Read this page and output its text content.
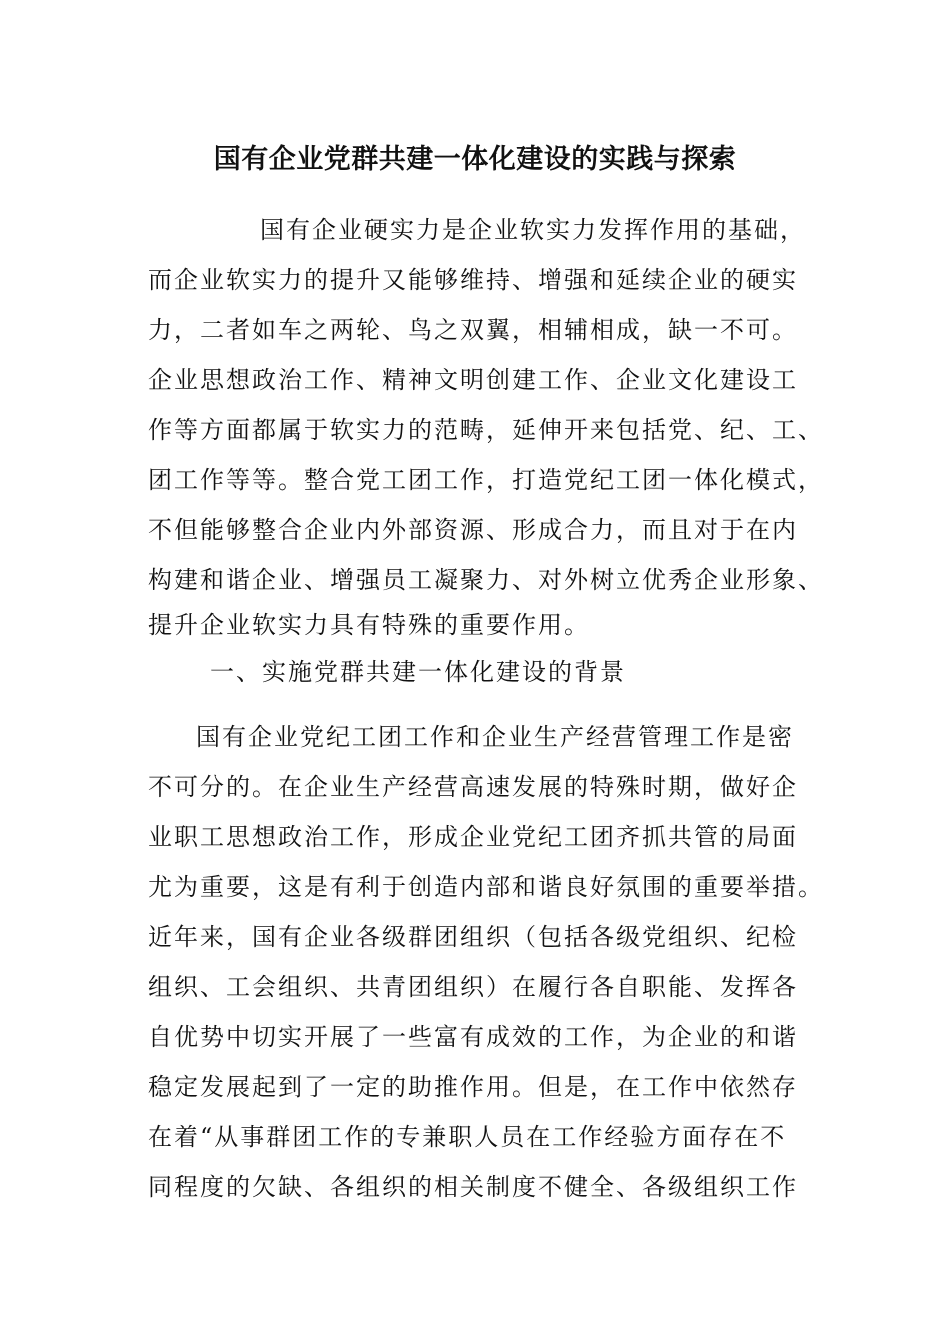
国有企业党群共建一体化建设的实践与探索
国有企业硬实力是企业软实力发挥作用的基础，
而企业软实力的提升又能够维持、增强和延续企业的硬实
力，二者如车之两轮、鸟之双翼，相辅相成，缺一不可。
企业思想政治工作、精神文明创建工作、企业文化建设工
作等方面都属于软实力的范畴，延伸开来包括党、纪、工、
团工作等等。整合党工团工作，打造党纪工团一体化模式，
不但能够整合企业内外部资源、形成合力，而且对于在内
构建和谐企业、增强员工凝聚力、对外树立优秀企业形象、
提升企业软实力具有特殊的重要作用。
一、实施党群共建一体化建设的背景
国有企业党纪工团工作和企业生产经营管理工作是密
不可分的。在企业生产经营高速发展的特殊时期，做好企
业职工思想政治工作，形成企业党纪工团齐抓共管的局面
尤为重要，这是有利于创造内部和谐良好氛围的重要举措。
近年来，国有企业各级群团组织（包括各级党组织、纪检
组织、工会组织、共青团组织）在履行各自职能、发挥各
自优势中切实开展了一些富有成效的工作，为企业的和谐
稳定发展起到了一定的助推作用。但是，在工作中依然存
在着“从事群团工作的专兼职人员在工作经验方面存在不
同程度的欠缺、各组织的相关制度不健全、各级组织工作
